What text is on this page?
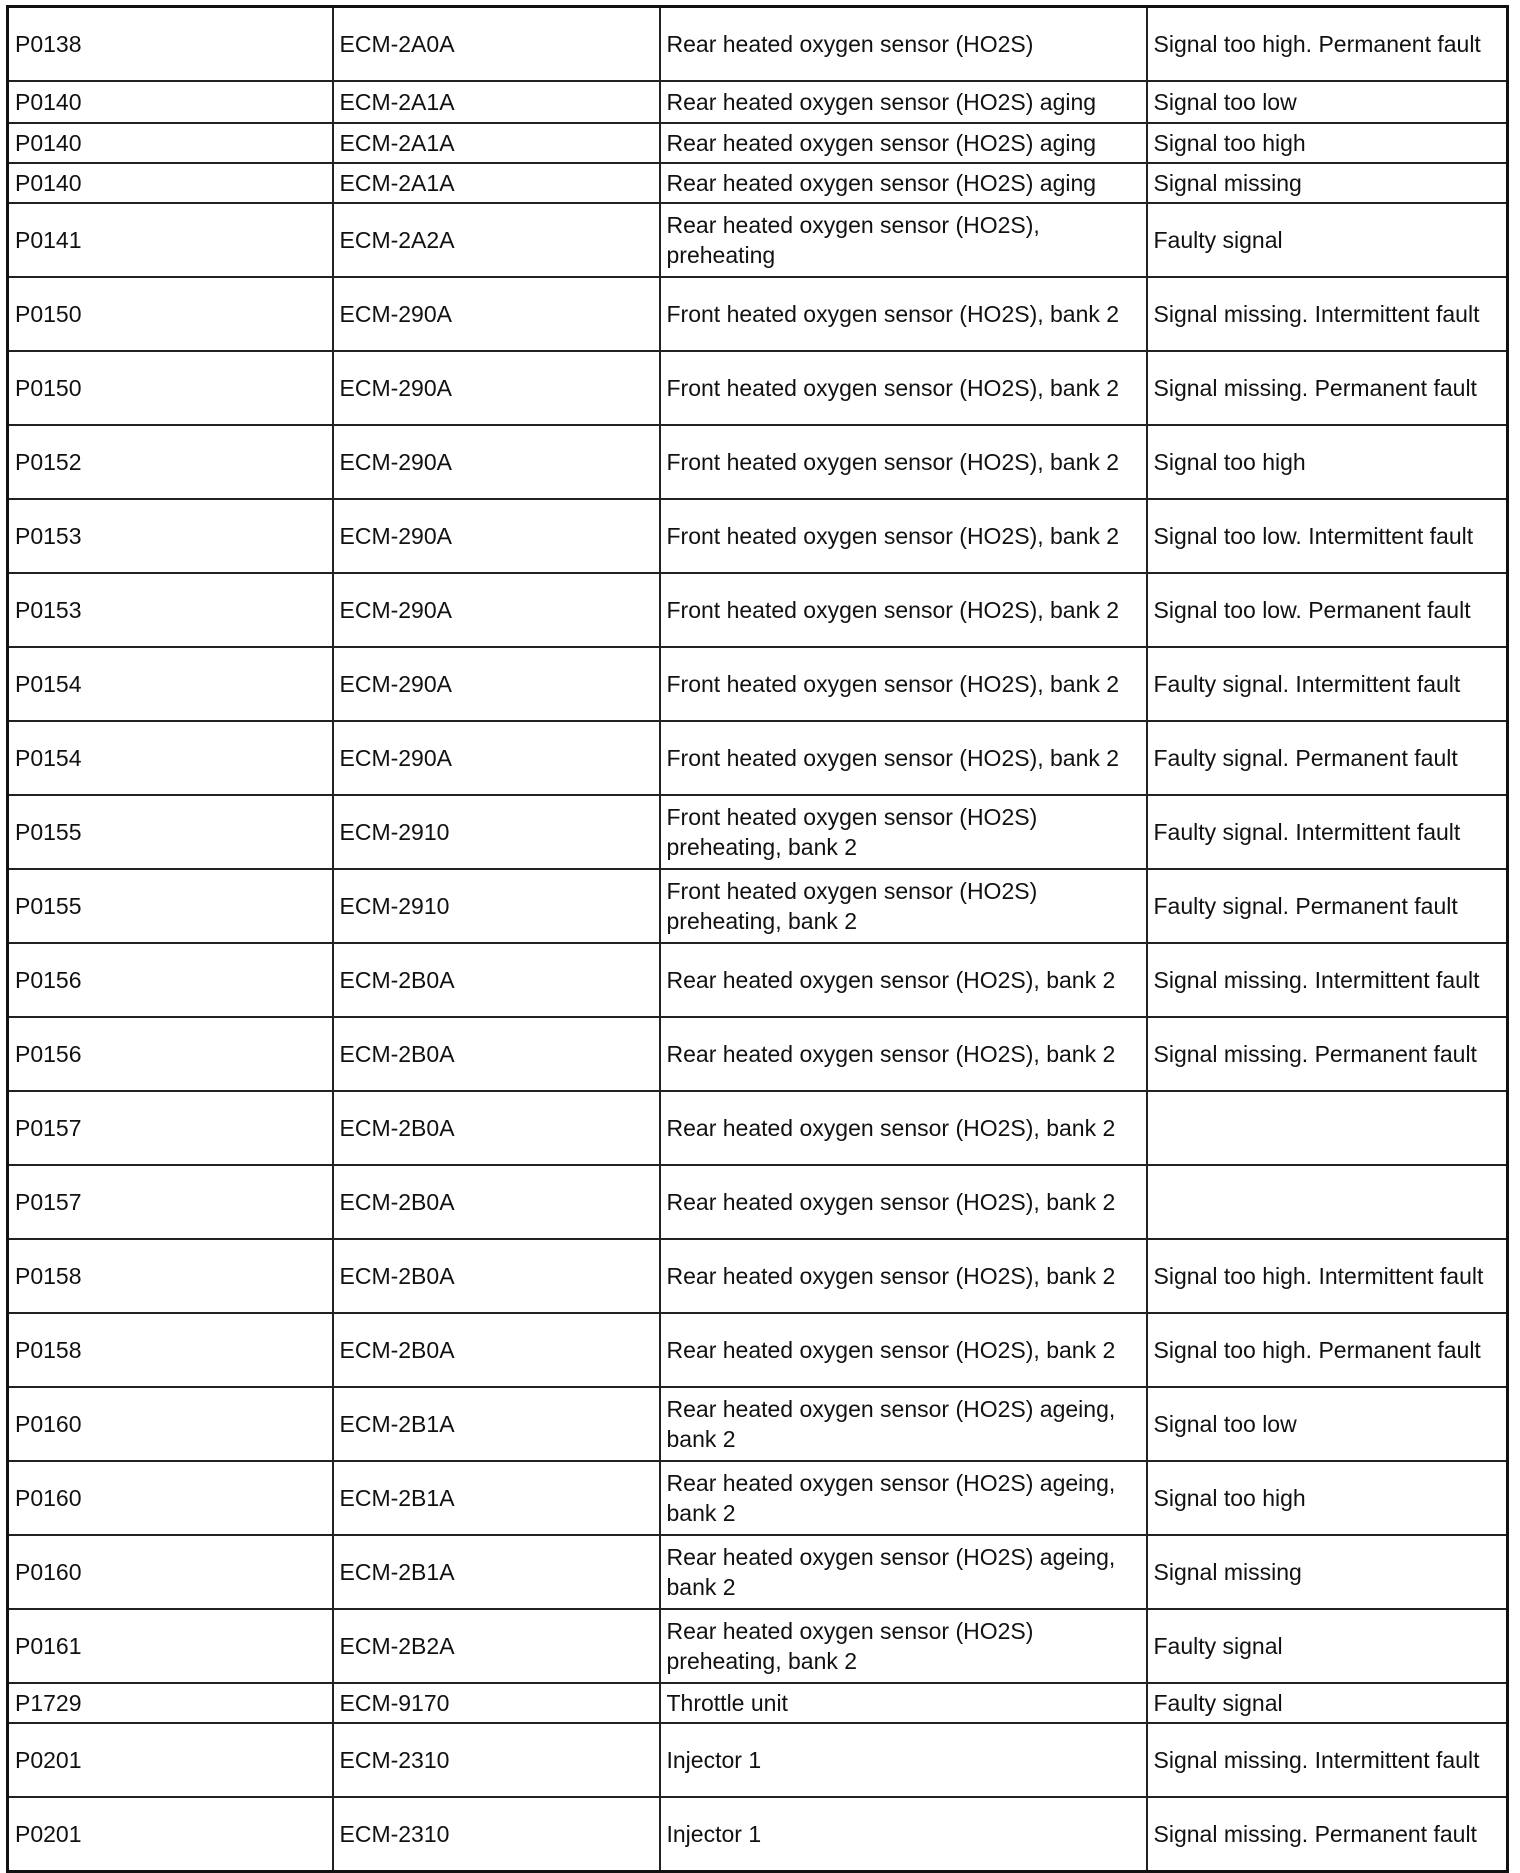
P0138	ECM-2A0A	Rear heated oxygen sensor (HO2S)	Signal too high. Permanent fault
P0140	ECM-2A1A	Rear heated oxygen sensor (HO2S) aging	Signal too low
P0140	ECM-2A1A	Rear heated oxygen sensor (HO2S) aging	Signal too high
P0140	ECM-2A1A	Rear heated oxygen sensor (HO2S) aging	Signal missing
P0141	ECM-2A2A	Rear heated oxygen sensor (HO2S), preheating	Faulty signal
P0150	ECM-290A	Front heated oxygen sensor (HO2S), bank 2	Signal missing. Intermittent fault
P0150	ECM-290A	Front heated oxygen sensor (HO2S), bank 2	Signal missing. Permanent fault
P0152	ECM-290A	Front heated oxygen sensor (HO2S), bank 2	Signal too high
P0153	ECM-290A	Front heated oxygen sensor (HO2S), bank 2	Signal too low. Intermittent fault
P0153	ECM-290A	Front heated oxygen sensor (HO2S), bank 2	Signal too low. Permanent fault
P0154	ECM-290A	Front heated oxygen sensor (HO2S), bank 2	Faulty signal. Intermittent fault
P0154	ECM-290A	Front heated oxygen sensor (HO2S), bank 2	Faulty signal. Permanent fault
P0155	ECM-2910	Front heated oxygen sensor (HO2S) preheating, bank 2	Faulty signal. Intermittent fault
P0155	ECM-2910	Front heated oxygen sensor (HO2S) preheating, bank 2	Faulty signal. Permanent fault
P0156	ECM-2B0A	Rear heated oxygen sensor (HO2S), bank 2	Signal missing. Intermittent fault
P0156	ECM-2B0A	Rear heated oxygen sensor (HO2S), bank 2	Signal missing. Permanent fault
P0157	ECM-2B0A	Rear heated oxygen sensor (HO2S), bank 2	
P0157	ECM-2B0A	Rear heated oxygen sensor (HO2S), bank 2	
P0158	ECM-2B0A	Rear heated oxygen sensor (HO2S), bank 2	Signal too high. Intermittent fault
P0158	ECM-2B0A	Rear heated oxygen sensor (HO2S), bank 2	Signal too high. Permanent fault
P0160	ECM-2B1A	Rear heated oxygen sensor (HO2S) ageing, bank 2	Signal too low
P0160	ECM-2B1A	Rear heated oxygen sensor (HO2S) ageing, bank 2	Signal too high
P0160	ECM-2B1A	Rear heated oxygen sensor (HO2S) ageing, bank 2	Signal missing
P0161	ECM-2B2A	Rear heated oxygen sensor (HO2S) preheating, bank 2	Faulty signal
P1729	ECM-9170	Throttle unit	Faulty signal
P0201	ECM-2310	Injector 1	Signal missing. Intermittent fault
P0201	ECM-2310	Injector 1	Signal missing. Permanent fault
